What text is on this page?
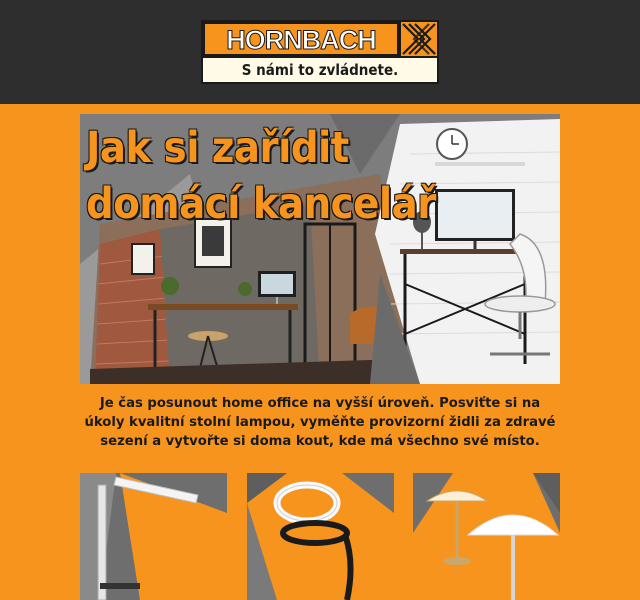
HORNBACH
S námi to zvládnete.
Jak si zařídit
domácí kancelář
Je čas posunout home office na vyšší úroveň. Posviťte si na úkoly kvalitní stolní lampou, vyměňte provizorní židli za zdravé sezení a vytvořte si doma kout, kde má všechno své místo.
